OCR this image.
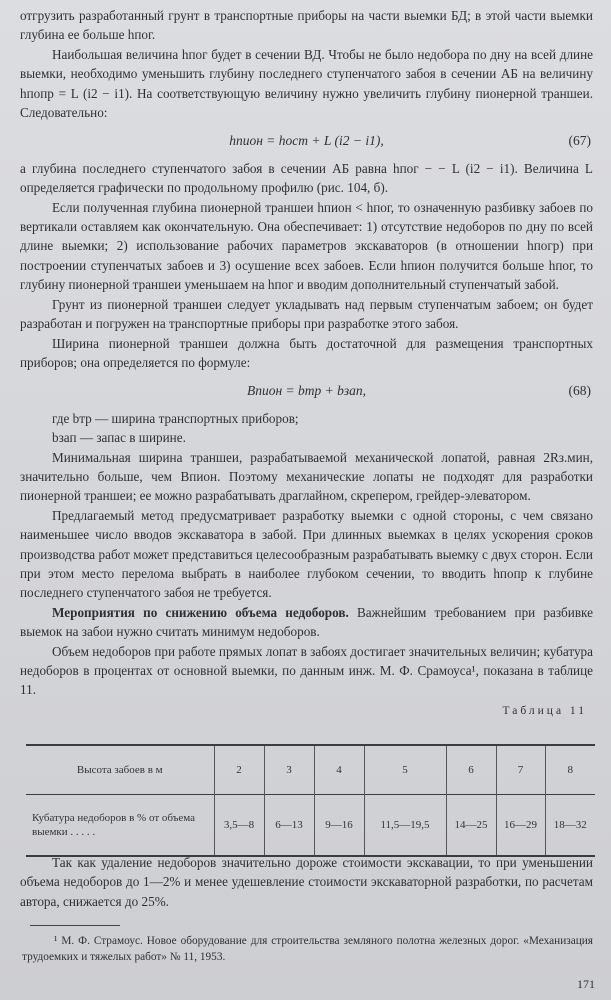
отгрузить разработанный грунт в транспортные приборы на части выемки БД; в этой части выемки глубина ее больше hпог.

Наибольшая величина hпог будет в сечении ВД. Чтобы не было недобора по дну на всей длине выемки, необходимо уменьшить глубину последнего ступенчатого забоя в сечении АБ на величину hпопр = L (i2 − i1). На соответствующую величину нужно увеличить глубину пионерной траншеи. Следовательно:

hпион = hост + L (i2 − i1),	(67)

а глубина последнего ступенчатого забоя в сечении АБ равна hпог − − L (i2 − i1). Величина L определяется графически по продольному профилю (рис. 104, б).

Если полученная глубина пионерной траншеи hпион < hпог, то означенную разбивку забоев по вертикали оставляем как окончательную. Она обеспечивает: 1) отсутствие недоборов по дну по всей длине выемки; 2) использование рабочих параметров экскаваторов (в отношении hпогр) при построении ступенчатых забоев и 3) осушение всех забоев. Если hпион получится больше hпог, то глубину пионерной траншеи уменьшаем на hпог и вводим дополнительный ступенчатый забой.

Грунт из пионерной траншеи следует укладывать над первым ступенчатым забоем; он будет разработан и погружен на транспортные приборы при разработке этого забоя.

Ширина пионерной траншеи должна быть достаточной для размещения транспортных приборов; она определяется по формуле:

Впион = bтр + bзап,	(68)

где bтр — ширина транспортных приборов;

bзап — запас в ширине.

Минимальная ширина траншеи, разрабатываемой механической лопатой, равная 2Rз.мин, значительно больше, чем Впион. Поэтому механические лопаты не подходят для разработки пионерной траншеи; ее можно разрабатывать драглайном, скрепером, грейдер-элеватором.

Предлагаемый метод предусматривает разработку выемки с одной стороны, с чем связано наименьшее число вводов экскаватора в забой. При длинных выемках в целях ускорения сроков производства работ может представиться целесообразным разрабатывать выемку с двух сторон. Если при этом место перелома выбрать в наиболее глубоком сечении, то вводить hпопр к глубине последнего ступенчатого забоя не требуется.

Мероприятия по снижению объема недоборов. Важнейшим требованием при разбивке выемок на забои нужно считать минимум недоборов.

Объем недоборов при работе прямых лопат в забоях достигает значительных величин; кубатура недоборов в процентах от основной выемки, по данным инж. М. Ф. Срамоуса¹, показана в таблице 11.

Таблица 11
Высота забоев в м	2	3	4	5	6	7	8
Кубатура недоборов в % от объема выемки . . . . .	3,5—8	6—13	9—16	11,5—19,5	14—25	16—29	18—32

Так как удаление недоборов значительно дороже стоимости экскавации, то при уменьшении объема недоборов до 1—2% и менее удешевление стоимости экскаваторной разработки, по расчетам автора, снижается до 25%.

¹ М. Ф. Страмоус. Новое оборудование для строительства земляного полотна железных дорог. «Механизация трудоемких и тяжелых работ» № 11, 1953.
171
